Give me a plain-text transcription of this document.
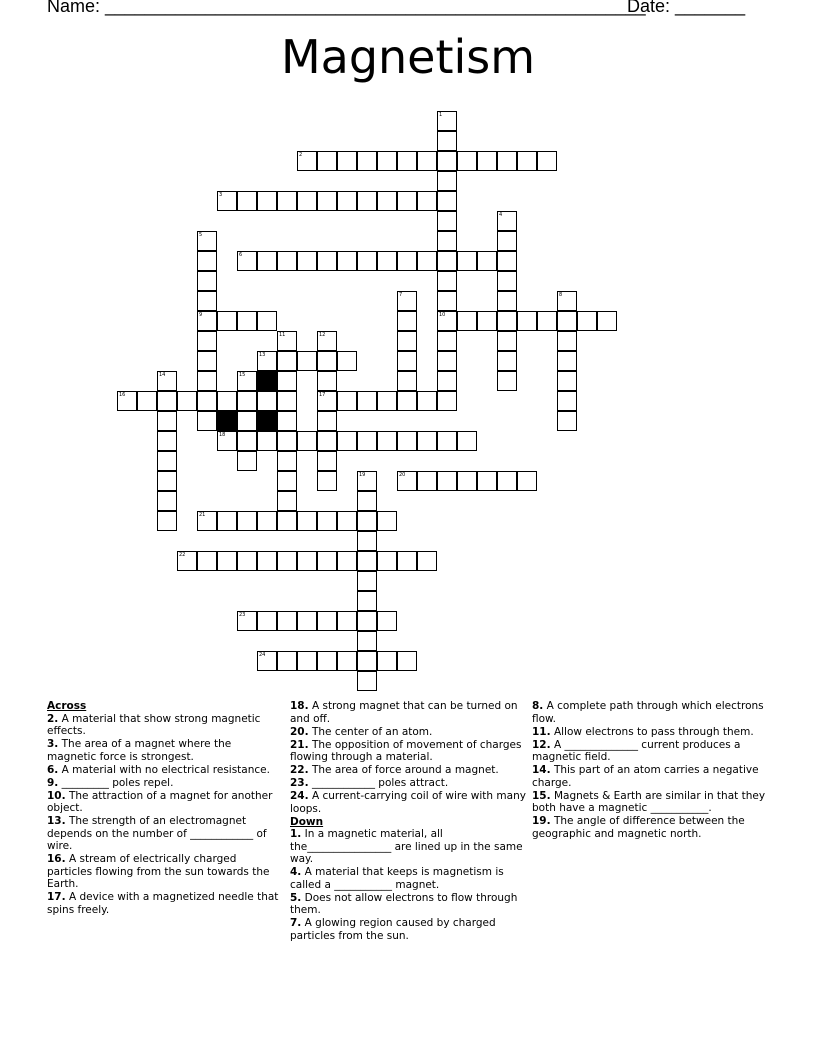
Name: ______________________________________________________
Date: _______
Magnetism
1
10
2
3
4
5
9
6
7	8
11	12
17
13
14	15
16
18
19	20
21
22
23
24
Across
2. A material that show strong magnetic effects.
3. The area of a magnet where the magnetic force is strongest.
6. A material with no electrical resistance.
9. _________ poles repel.
10. The attraction of a magnet for another object.
13. The strength of an electromagnet depends on the number of ____________ of wire.
16. A stream of electrically charged particles flowing from the sun towards the Earth.
17. A device with a magnetized needle that spins freely.
18. A strong magnet that can be turned on and off.
20. The center of an atom.
21. The opposition of movement of charges flowing through a material.
22. The area of force around a magnet.
23. ____________ poles attract.
24. A current-carrying coil of wire with many loops.
Down
1. In a magnetic material, all the________________ are lined up in the same way.
4. A material that keeps is magnetism is called a ___________ magnet.
5. Does not allow electrons to flow through them.
7. A glowing region caused by charged particles from the sun.
8. A complete path through which electrons flow.
11. Allow electrons to pass through them.
12. A ______________ current produces a magnetic field.
14. This part of an atom carries a negative charge.
15. Magnets & Earth are similar in that they both have a magnetic ___________.
19. The angle of difference between the geographic and magnetic north.
